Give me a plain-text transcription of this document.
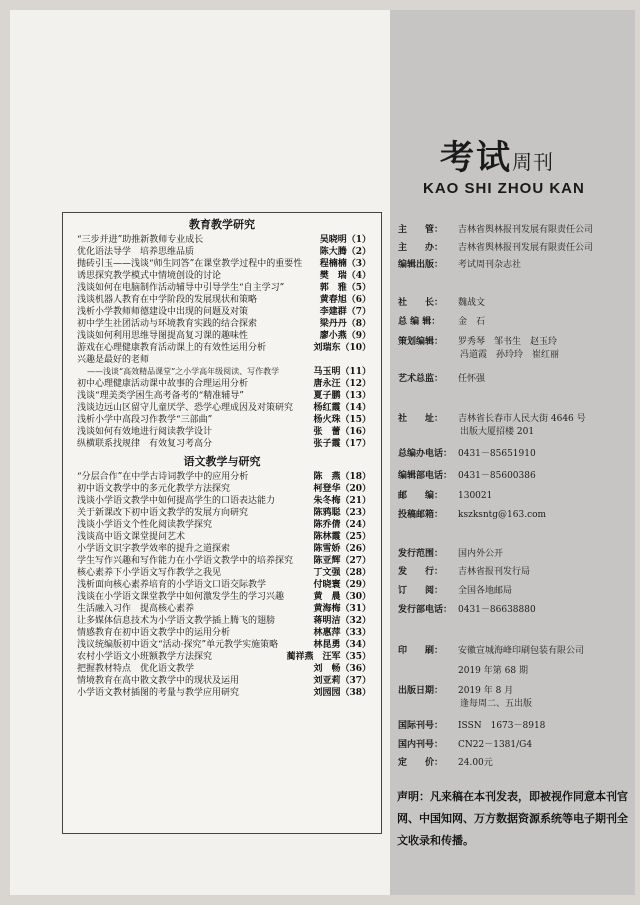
教育教学研究
“三步并进”助推新教师专业成长	吴晓明（1）
优化语法导学　培养思维品质	陈大腾（2）
抛砖引玉——浅谈“师生同答”在课堂教学过程中的重要性	程楠楠（3）
诱思探究教学模式中情境创设的讨论	樊　瑞（4）
浅谈如何在电脑制作活动辅导中引导学生“自主学习”	郭　雅（5）
浅谈机器人教育在中学阶段的发展现状和策略	黄春旭（6）
浅析小学教师师德建设中出现的问题及对策	李建群（7）
初中学生社团活动与环境教育实践的结合探索	梁丹丹（8）
浅谈如何利用思维导图提高复习课的趣味性	廖小燕（9）
游戏在心理健康教育活动课上的有效性运用分析	刘瑞东（10）
兴趣是最好的老师
——浅谈“高效精品课堂”之小学高年级阅读、写作教学	马玉明（11）
初中心理健康活动课中故事的合理运用分析	唐永汪（12）
浅谈“理美类学困生高考备考的“精准辅导”	夏子鹏（13）
浅谈边远山区留守儿童厌学、恐学心理成因及对策研究	杨红霞（14）
浅析小学中高段习作教学“三部曲”	杨火珠（15）
浅谈如何有效地进行阅读教学设计	张　蕾（16）
纵横联系找规律　有效复习考高分	张子霞（17）
语文教学与研究
“分层合作”在中学古诗词教学中的应用分析	陈　燕（18）
初中语文教学中的多元化教学方法探究	柯登华（20）
浅谈小学语文教学中如何提高学生的口语表达能力	朱冬梅（21）
关于新课改下初中语文教学的发展方向研究	陈鸦聪（23）
浅谈小学语文个性化阅读教学探究	陈乔倩（24）
浅谈高中语文课堂提问艺术	陈林霞（25）
小学语文识字教学效率的提升之道探索	陈雪娇（26）
学生写作兴趣和写作能力在小学语文教学中的培养探究	陈亚辉（27）
核心素养下小学语文写作教学之我见	丁文强（28）
浅析面向核心素养培育的小学语文口语交际教学	付晓寰（29）
浅谈在小学语文课堂教学中如何激发学生的学习兴趣	黄　晨（30）
生活融入习作　提高核心素养	黄海梅（31）
让多媒体信息技术为小学语文教学插上腾飞的翅膀	蒋明洁（32）
情感教育在初中语文教学中的运用分析	林惠萍（33）
浅议统编版初中语文“活动·探究”单元教学实施策略	林昆勇（34）
农村小学语文小班额教学方法探究	蔺祥燕　汪军（35）
把握教材特点　优化语文教学	刘　畅（36）
情境教育在高中散文教学中的现状及运用	刘亚莉（37）
小学语文教材插图的考量与教学应用研究	刘园园（38）
考试周刊
KAO SHI ZHOU KAN
主　　管： 吉林省舆林报刊发展有限责任公司
主　　办： 吉林省舆林报刊发展有限责任公司
编辑出版： 考试周刊杂志社
社　　长： 魏战文
总 编 辑： 金　石
策划编辑： 罗秀琴　邹书生　赵玉玲
冯道霞　孙玲玲　崔红丽
艺术总监： 任怀强
社　　址： 吉林省长春市人民大街 4646 号
出版大厦招楼 201
总编办电话： 0431－85651910
编辑部电话： 0431－85600386
邮　　编： 130021
投稿邮箱： kszksntg@163.com
发行范围： 国内外公开
发　　行： 吉林省报刊发行局
订　　阅： 全国各地邮局
发行部电话： 0431－86638880
印　　刷： 安徽宣城海峰印刷包装有限公司
2019 年第 68 期
出版日期： 2019 年 8 月
逢每周二、五出版
国际刊号： ISSN　1673－8918
国内刊号： CN22－1381/G4
定　　价： 24.00元
声明：凡来稿在本刊发表，即被视作同意本刊官网、中国知网、万方数据资源系统等电子期刊全文收录和传播。
